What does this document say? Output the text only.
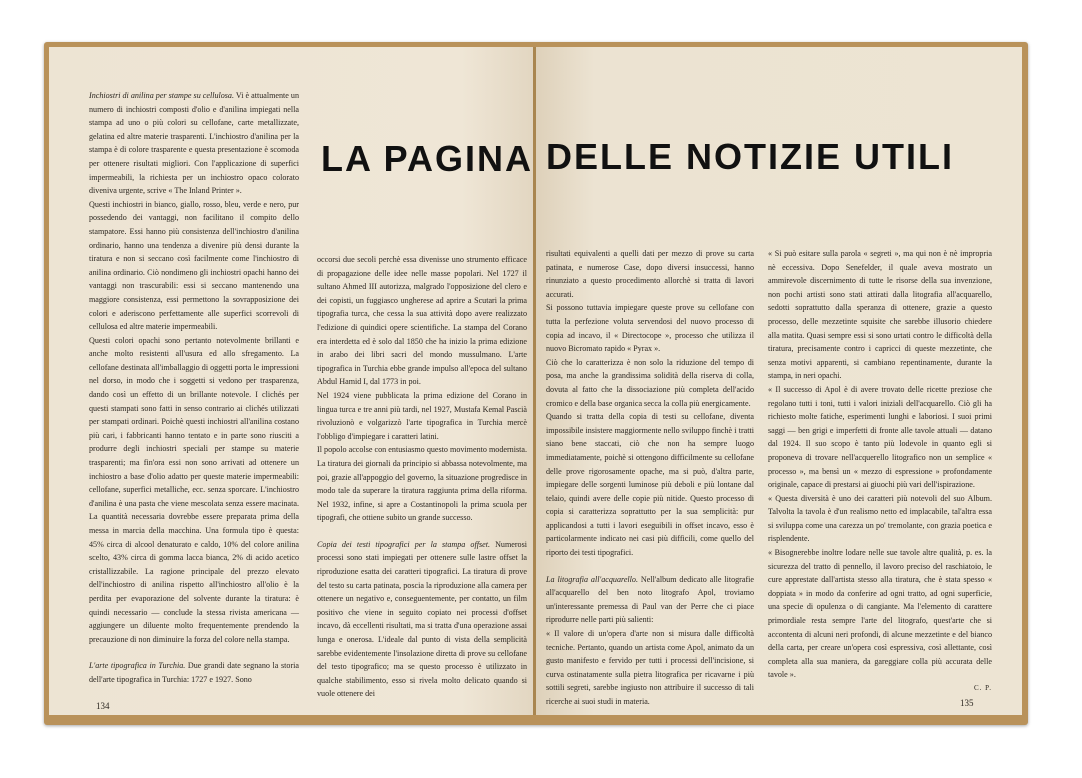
LA PAGINA

Inchiostri di anilina per stampe su cellulosa. Vi è attualmente un numero di inchiostri composti d'olio e d'anilina impiegati nella stampa ad uno o più colori su cellofane, carte metallizzate, gelatina ed altre materie trasparenti. L'inchiostro d'anilina per la stampa è di colore trasparente e questa presentazione è scomoda per ottenere risultati migliori. Con l'applicazione di superfici impermeabili, la richiesta per un inchiostro opaco colorato diveniva urgente, scrive « The Inland Printer ».

Questi inchiostri in bianco, giallo, rosso, bleu, verde e nero, pur possedendo dei vantaggi, non facilitano il compito dello stampatore. Essi hanno più consistenza dell'inchiostro d'anilina ordinario, hanno una tendenza a divenire più densi durante la tiratura e non si seccano così facilmente come l'inchiostro di anilina ordinario. Ciò nondimeno gli inchiostri opachi hanno dei vantaggi non trascurabili: essi si seccano mantenendo una maggiore consistenza, essi permettono la sovrapposizione dei colori e aderiscono perfettamente alle superfici scorrevoli di cellulosa ed altre materie impermeabili.

Questi colori opachi sono pertanto notevolmente brillanti e anche molto resistenti all'usura ed allo sfregamento. La cellofane destinata all'imballaggio di oggetti porta le impressioni nel dorso, in modo che i soggetti si vedono per trasparenza, dando così un effetto di un brillante notevole. I clichés per questi stampati sono fatti in senso contrario ai clichés utilizzati per stampati ordinari. Poichè questi inchiostri all'anilina costano più cari, i fabbricanti hanno tentato e in parte sono riusciti a produrre degli inchiostri speciali per stampe su materie trasparenti; ma fin'ora essi non sono arrivati ad ottenere un inchiostro a base d'olio adatto per queste materie impermeabili: cellofane, superfici metalliche, ecc. senza sporcare. L'inchiostro d'anilina è una pasta che viene mescolata senza essere macinata. La quantità necessaria dovrebbe essere preparata prima della messa in marcia della macchina. Una formula tipo è questa: 45% circa di alcool denaturato e caldo, 10% del colore anilina scelto, 43% circa di gomma lacca bianca, 2% di acido acetico cristallizzabile. La ragione principale del prezzo elevato dell'inchiostro di anilina rispetto all'inchiostro all'olio è la perdita per evaporazione del solvente durante la tiratura: è quindi necessario — conclude la stessa rivista americana — aggiungere un diluente molto frequentemente prendendo la precauzione di non diminuire la forza del colore nella stampa.

L'arte tipografica in Turchia. Due grandi date segnano la storia dell'arte tipografica in Turchia: 1727 e 1927. Sono

occorsi due secoli perchè essa divenisse uno strumento efficace di propagazione delle idee nelle masse popolari. Nel 1727 il sultano Ahmed III autorizza, malgrado l'opposizione del clero e dei copisti, un fuggiasco ungherese ad aprire a Scutari la prima tipografia turca, che cessa la sua attività dopo avere realizzato l'edizione di quindici opere scientifiche. La stampa del Corano era interdetta ed è solo dal 1850 che ha inizio la prima edizione in arabo dei libri sacri del mondo mussulmano. L'arte tipografica in Turchia ebbe grande impulso all'epoca del sultano Abdul Hamid I, dal 1773 in poi.

Nel 1924 viene pubblicata la prima edizione del Corano in lingua turca e tre anni più tardi, nel 1927, Mustafa Kemal Pascià rivoluzionò e volgarizzò l'arte tipografica in Turchia mercè l'obbligo d'impiegare i caratteri latini.

Il popolo accolse con entusiasmo questo movimento modernista. La tiratura dei giornali da principio si abbassa notevolmente, ma poi, grazie all'appoggio del governo, la situazione progredisce in modo tale da superare la tiratura raggiunta prima della riforma. Nel 1932, infine, si apre a Costantinopoli la prima scuola per tipografi, che ottiene subito un grande successo.

Copia dei testi tipografici per la stampa offset. Numerosi processi sono stati impiegati per ottenere sulle lastre offset la riproduzione esatta dei caratteri tipografici. La tiratura di prove del testo su carta patinata, poscia la riproduzione alla camera per ottenere un negativo e, conseguentemente, per contatto, un film positivo che viene in seguito copiato nei processi d'offset incavo, dà eccellenti risultati, ma si tratta d'una operazione assai lunga e onerosa. L'ideale dal punto di vista della semplicità sarebbe evidentemente l'insolazione diretta di prove su cellofane del testo tipografico; ma se questo processo è utilizzato in qualche stabilimento, esso si rivela molto delicato quando si vuole ottenere dei

134
DELLE NOTIZIE UTILI

risultati equivalenti a quelli dati per mezzo di prove su carta patinata, e numerose Case, dopo diversi insuccessi, hanno rinunziato a questo procedimento allorchè si tratta di lavori accurati.

Si possono tuttavia impiegare queste prove su cellofane con tutta la perfezione voluta servendosi del nuovo processo di copia ad incavo, il « Directocope », processo che utilizza il nuovo Bicromato rapido « Pyrax ».

Ciò che lo caratterizza è non solo la riduzione del tempo di posa, ma anche la grandissima solidità della riserva di colla, dovuta al fatto che la dissociazione più completa dell'acido cromico e della base organica secca la colla più energicamente.

Quando si tratta della copia di testi su cellofane, diventa impossibile insistere maggiormente nello sviluppo finchè i tratti siano bene staccati, ciò che non ha sempre luogo immediatamente, poichè si ottengono difficilmente su cellofane delle prove rigorosamente opache, ma si può, d'altra parte, impiegare delle sorgenti luminose più deboli e più lontane dal telaio, quindi avere delle copie più nitide. Questo processo di copia si caratterizza soprattutto per la sua semplicità: pur applicandosi a tutti i lavori eseguibili in offset incavo, esso è particolarmente indicato nei casi più difficili, come quello del riporto dei testi tipografici.

La litografia all'acquarello. Nell'album dedicato alle litografie all'acquarello del ben noto litografo Apol, troviamo un'interessante premessa di Paul van der Perre che ci piace riprodurre nelle parti più salienti:

« Il valore di un'opera d'arte non si misura dalle difficoltà tecniche. Pertanto, quando un artista come Apol, animato da un gusto manifesto e fervido per tutti i processi dell'incisione, si curva ostinatamente sulla pietra litografica per ricavarne i più sottili segreti, sarebbe ingiusto non attribuire il successo di tali ricerche ai suoi studi in materia.

« Si può esitare sulla parola « segreti », ma qui non è nè impropria nè eccessiva. Dopo Senefelder, il quale aveva mostrato un ammirevole discernimento di tutte le risorse della sua invenzione, non pochi artisti sono stati attirati dalla litografia all'acquarello, sedotti soprattutto dalla speranza di ottenere, grazie a questo processo, delle mezzetinte squisite che sarebbe illusorio chiedere alla matita. Quasi sempre essi si sono urtati contro le difficoltà della tiratura, precisamente contro i capricci di queste mezzetinte, che senza motivi apparenti, si cambiano repentinamente, durante la stampa, in neri opachi.

« Il successo di Apol è di avere trovato delle ricette preziose che regolano tutti i toni, tutti i valori iniziali dell'acquarello. Ciò gli ha richiesto molte fatiche, esperimenti lunghi e laboriosi. I suoi primi saggi — ben grigi e imperfetti di fronte alle tavole attuali — datano dal 1924. Il suo scopo è tanto più lodevole in quanto egli si proponeva di trovare nell'acquerello litografico non un semplice « processo », ma bensì un « mezzo di espressione » profondamente originale, capace di prestarsi ai giuochi più vari dell'ispirazione.

« Questa diversità è uno dei caratteri più notevoli del suo Album. Talvolta la tavola è d'un realismo netto ed implacabile, tal'altra essa si sviluppa come una carezza un po' tremolante, con grazia poetica e risplendente.

« Bisognerebbe inoltre lodare nelle sue tavole altre qualità, p. es. la sicurezza del tratto di pennello, il lavoro preciso del raschiatoio, le cure apprestate dall'artista stesso alla tiratura, che è stata spesso « doppiata » in modo da conferire ad ogni tratto, ad ogni superficie, una specie di opulenza o di cangiante. Ma l'elemento di carattere primordiale resta sempre l'arte del litografo, quest'arte che si accontenta di alcuni neri profondi, di alcune mezzetinte e del bianco della carta, per creare un'opera così espressiva, così allettante, così completa alla sua maniera, da gareggiare colla più accurata delle tavole ».

C. P.

135
